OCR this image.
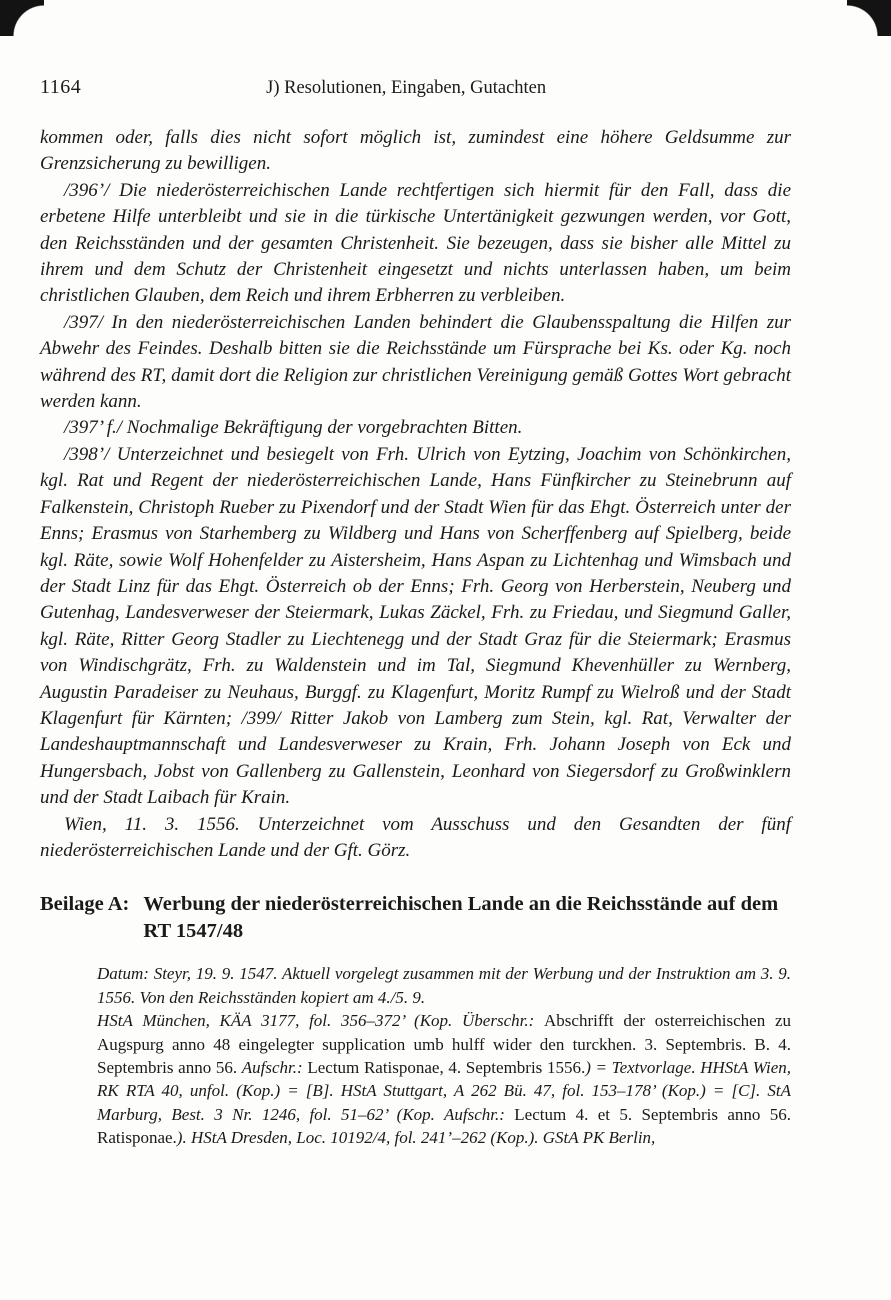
1164	J) Resolutionen, Eingaben, Gutachten

kommen oder, falls dies nicht sofort möglich ist, zumindest eine höhere Geldsumme zur Grenzsicherung zu bewilligen.

/396’/ Die niederösterreichischen Lande rechtfertigen sich hiermit für den Fall, dass die erbetene Hilfe unterbleibt und sie in die türkische Untertänigkeit gezwungen werden, vor Gott, den Reichsständen und der gesamten Christenheit. Sie bezeugen, dass sie bisher alle Mittel zu ihrem und dem Schutz der Christenheit eingesetzt und nichts unterlassen haben, um beim christlichen Glauben, dem Reich und ihrem Erbherren zu verbleiben.

/397/ In den niederösterreichischen Landen behindert die Glaubensspaltung die Hilfen zur Abwehr des Feindes. Deshalb bitten sie die Reichsstände um Fürsprache bei Ks. oder Kg. noch während des RT, damit dort die Religion zur christlichen Vereinigung gemäß Gottes Wort gebracht werden kann.

/397’ f./ Nochmalige Bekräftigung der vorgebrachten Bitten.

/398’/ Unterzeichnet und besiegelt von Frh. Ulrich von Eytzing, Joachim von Schönkirchen, kgl. Rat und Regent der niederösterreichischen Lande, Hans Fünfkircher zu Steinebrunn auf Falkenstein, Christoph Rueber zu Pixendorf und der Stadt Wien für das Ehgt. Österreich unter der Enns; Erasmus von Starhemberg zu Wildberg und Hans von Scherffenberg auf Spielberg, beide kgl. Räte, sowie Wolf Hohenfelder zu Aistersheim, Hans Aspan zu Lichtenhag und Wimsbach und der Stadt Linz für das Ehgt. Österreich ob der Enns; Frh. Georg von Herberstein, Neuberg und Gutenhag, Landesverweser der Steiermark, Lukas Zäckel, Frh. zu Friedau, und Siegmund Galler, kgl. Räte, Ritter Georg Stadler zu Liechtenegg und der Stadt Graz für die Steiermark; Erasmus von Windischgrätz, Frh. zu Waldenstein und im Tal, Siegmund Khevenhüller zu Wernberg, Augustin Paradeiser zu Neuhaus, Burggf. zu Klagenfurt, Moritz Rumpf zu Wielroß und der Stadt Klagenfurt für Kärnten; /399/ Ritter Jakob von Lamberg zum Stein, kgl. Rat, Verwalter der Landeshauptmannschaft und Landesverweser zu Krain, Frh. Johann Joseph von Eck und Hungersbach, Jobst von Gallenberg zu Gallenstein, Leonhard von Siegersdorf zu Großwinklern und der Stadt Laibach für Krain.

Wien, 11. 3. 1556. Unterzeichnet vom Ausschuss und den Gesandten der fünf niederösterreichischen Lande und der Gft. Görz.

Beilage A: Werbung der niederösterreichischen Lande an die Reichsstände auf dem RT 1547/48

Datum: Steyr, 19. 9. 1547. Aktuell vorgelegt zusammen mit der Werbung und der Instruktion am 3. 9. 1556. Von den Reichsständen kopiert am 4./5. 9.

HStA München, KÄA 3177, fol. 356–372’ (Kop. Überschr.: Abschrifft der osterreichischen zu Augspurg anno 48 eingelegter supplication umb hulff wider den turckhen. 3. Septembris. B. 4. Septembris anno 56. Aufschr.: Lectum Ratisponae, 4. Septembris 1556.) = Textvorlage. HHStA Wien, RK RTA 40, unfol. (Kop.) = [B]. HStA Stuttgart, A 262 Bü. 47, fol. 153–178’ (Kop.) = [C]. StA Marburg, Best. 3 Nr. 1246, fol. 51–62’ (Kop. Aufschr.: Lectum 4. et 5. Septembris anno 56. Ratisponae.). HStA Dresden, Loc. 10192/4, fol. 241’–262 (Kop.). GStA PK Berlin,
